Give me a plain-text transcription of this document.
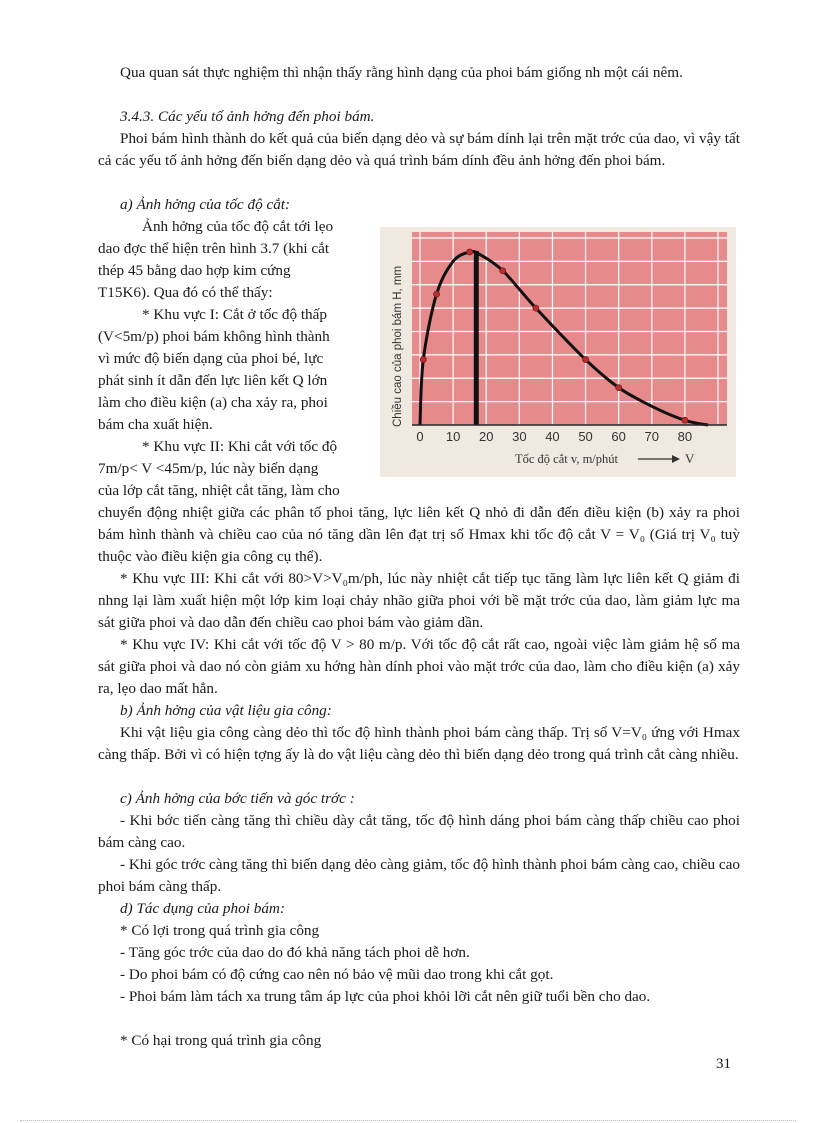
Qua quan sát thực nghiệm thì nhận thấy rằng hình dạng của phoi bám giống nh một cái nêm.

3.4.3. Các yếu tố ảnh hởng đến phoi bám.

Phoi bám hình thành do kết quả của biến dạng dẻo và sự bám dính lại trên mặt trớc của dao, vì vậy tất cả các yếu tố ảnh hởng đến biến dạng dẻo và quá trình bám dính đều ảnh hởng đến phoi bám.

a) Ảnh hởng của tốc độ cắt:

Ảnh hởng của tốc độ cắt tới lẹo
dao đợc thể hiện trên hình 3.7 (khi cắt
thép 45 bằng dao hợp kim cứng
T15K6). Qua đó có thể thấy:

* Khu vực I: Cắt ở tốc độ thấp
(V<5m/p) phoi bám không hình thành
vì mức độ biến dạng của phoi bé, lực
phát sinh ít dẫn đến lực liên kết Q lớn
làm cho điều kiện (a) cha xảy ra, phoi
bám cha xuất hiện.

* Khu vực II: Khi cắt với tốc độ
7m/p< V <45m/p, lúc này biến dạng
của lớp cắt tăng, nhiệt cắt tăng, làm cho

chuyển động nhiệt giữa các phân tố phoi tăng, lực liên kết Q nhỏ đi dẫn đến điều kiện (b) xảy ra phoi bám hình thành và chiều cao của nó tăng dần lên đạt trị số Hmax khi tốc độ cắt V = V₀ (Giá trị V₀ tuỳ thuộc vào điều kiện gia công cụ thể).

* Khu vực III: Khi cắt với 80>V>V₀m/ph, lúc này nhiệt cắt tiếp tục tăng làm lực liên kết Q giảm đi nhng lại làm xuất hiện một lớp kim loại chảy nhão giữa phoi với bề mặt trớc của dao, làm giảm lực ma sát giữa phoi và dao dẫn đến chiều cao phoi bám vào giảm dần.

* Khu vực IV: Khi cắt với tốc độ V > 80 m/p. Với tốc độ cắt rất cao, ngoài việc làm giảm hệ số ma sát giữa phoi và dao nó còn giảm xu hớng hàn dính phoi vào mặt trớc của dao, làm cho điều kiện (a) xảy ra, lẹo dao mất hẳn.

b) Ảnh hởng của vật liệu gia công:

Khi vật liệu gia công càng dẻo thì tốc độ hình thành phoi bám càng thấp. Trị số V=V₀ ứng với Hmax càng thấp. Bởi vì có hiện tợng ấy là do vật liệu càng dẻo thì biến dạng dẻo trong quá trình cắt càng nhiều.

c) Ảnh hởng của bớc tiến và góc trớc :

- Khi bớc tiến càng tăng thì chiều dày cắt tăng, tốc độ hình dáng phoi bám càng thấp chiều cao phoi bám càng cao.

- Khi góc trớc càng tăng thì biến dạng dẻo càng giảm, tốc độ hình thành phoi bám càng cao, chiều cao phoi bám càng thấp.

d) Tác dụng của phoi bám:

* Có lợi trong quá trình gia công

- Tăng góc trớc của dao do đó khả năng tách phoi dễ hơn.

- Do phoi bám có độ cứng cao nên nó bảo vệ mũi dao trong khi cắt gọt.

- Phoi bám làm tách xa trung tâm áp lực của phoi khỏi lỡi cắt nên giữ tuổi bền cho dao.

* Có hại trong quá trình gia công

31
0 10 20 30 40 50 60 70 80
Chiều cao của phoi bám H, mm
Tốc độ cắt v, m/phút	V
